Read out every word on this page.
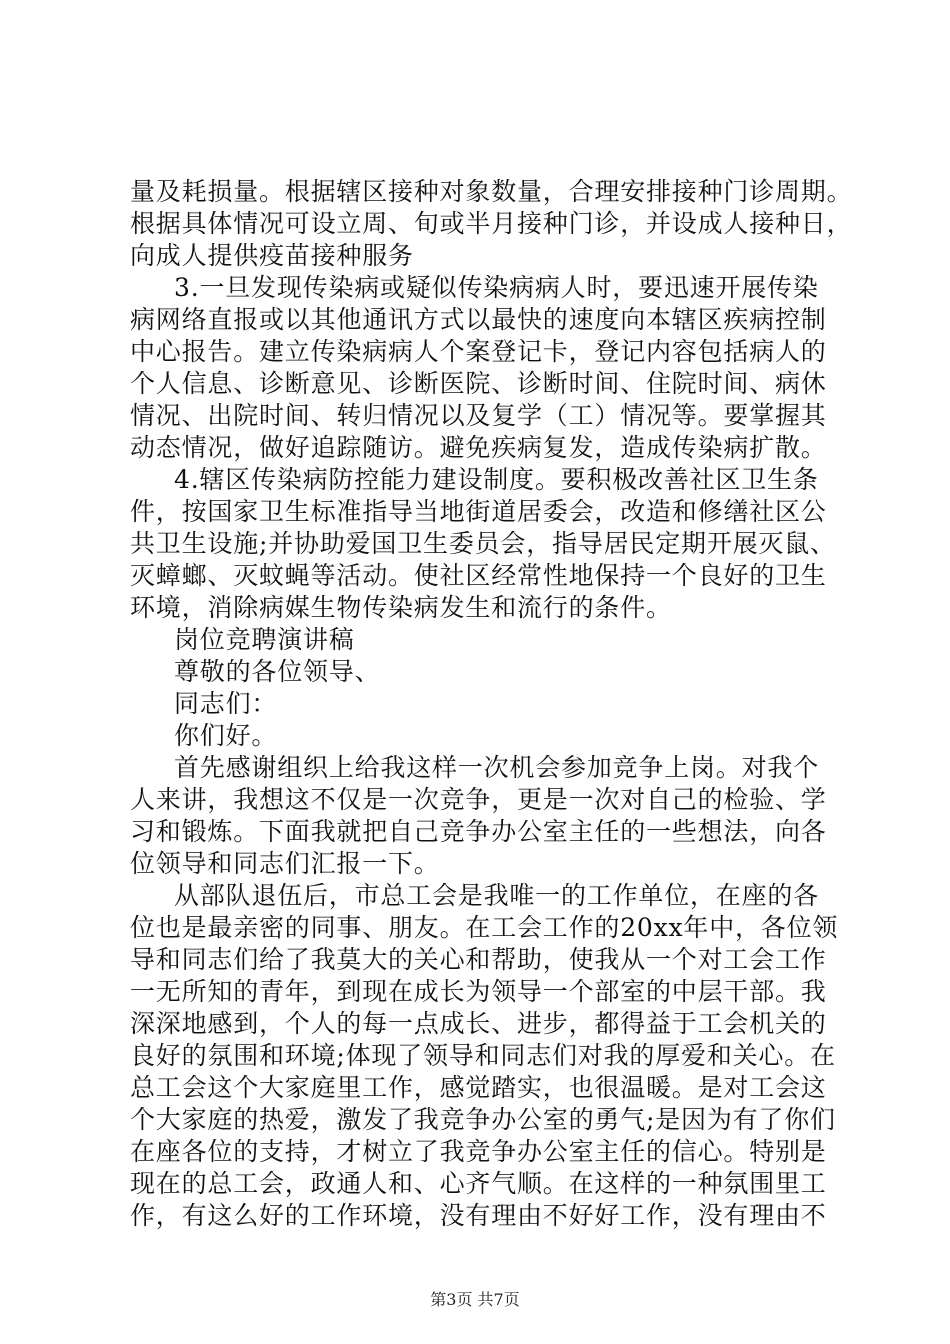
量及耗损量。根据辖区接种对象数量，合理安排接种门诊周期。
根据具体情况可设立周、旬或半月接种门诊，并设成人接种日，
向成人提供疫苗接种服务
3.一旦发现传染病或疑似传染病病人时，要迅速开展传染
病网络直报或以其他通讯方式以最快的速度向本辖区疾病控制
中心报告。建立传染病病人个案登记卡，登记内容包括病人的
个人信息、诊断意见、诊断医院、诊断时间、住院时间、病休
情况、出院时间、转归情况以及复学（工）情况等。要掌握其
动态情况，做好追踪随访。避免疾病复发，造成传染病扩散。
4.辖区传染病防控能力建设制度。要积极改善社区卫生条
件，按国家卫生标准指导当地街道居委会，改造和修缮社区公
共卫生设施;并协助爱国卫生委员会，指导居民定期开展灭鼠、
灭蟑螂、灭蚊蝇等活动。使社区经常性地保持一个良好的卫生
环境，消除病媒生物传染病发生和流行的条件。
岗位竞聘演讲稿
尊敬的各位领导、
同志们：
你们好。
首先感谢组织上给我这样一次机会参加竞争上岗。对我个
人来讲，我想这不仅是一次竞争，更是一次对自己的检验、学
习和锻炼。下面我就把自己竞争办公室主任的一些想法，向各
位领导和同志们汇报一下。
从部队退伍后，市总工会是我唯一的工作单位，在座的各
位也是最亲密的同事、朋友。在工会工作的20xx年中，各位领
导和同志们给了我莫大的关心和帮助，使我从一个对工会工作
一无所知的青年，到现在成长为领导一个部室的中层干部。我
深深地感到，个人的每一点成长、进步，都得益于工会机关的
良好的氛围和环境;体现了领导和同志们对我的厚爱和关心。在
总工会这个大家庭里工作，感觉踏实，也很温暖。是对工会这
个大家庭的热爱，激发了我竞争办公室的勇气;是因为有了你们
在座各位的支持，才树立了我竞争办公室主任的信心。特别是
现在的总工会，政通人和、心齐气顺。在这样的一种氛围里工
作，有这么好的工作环境，没有理由不好好工作，没有理由不
第3页 共7页
